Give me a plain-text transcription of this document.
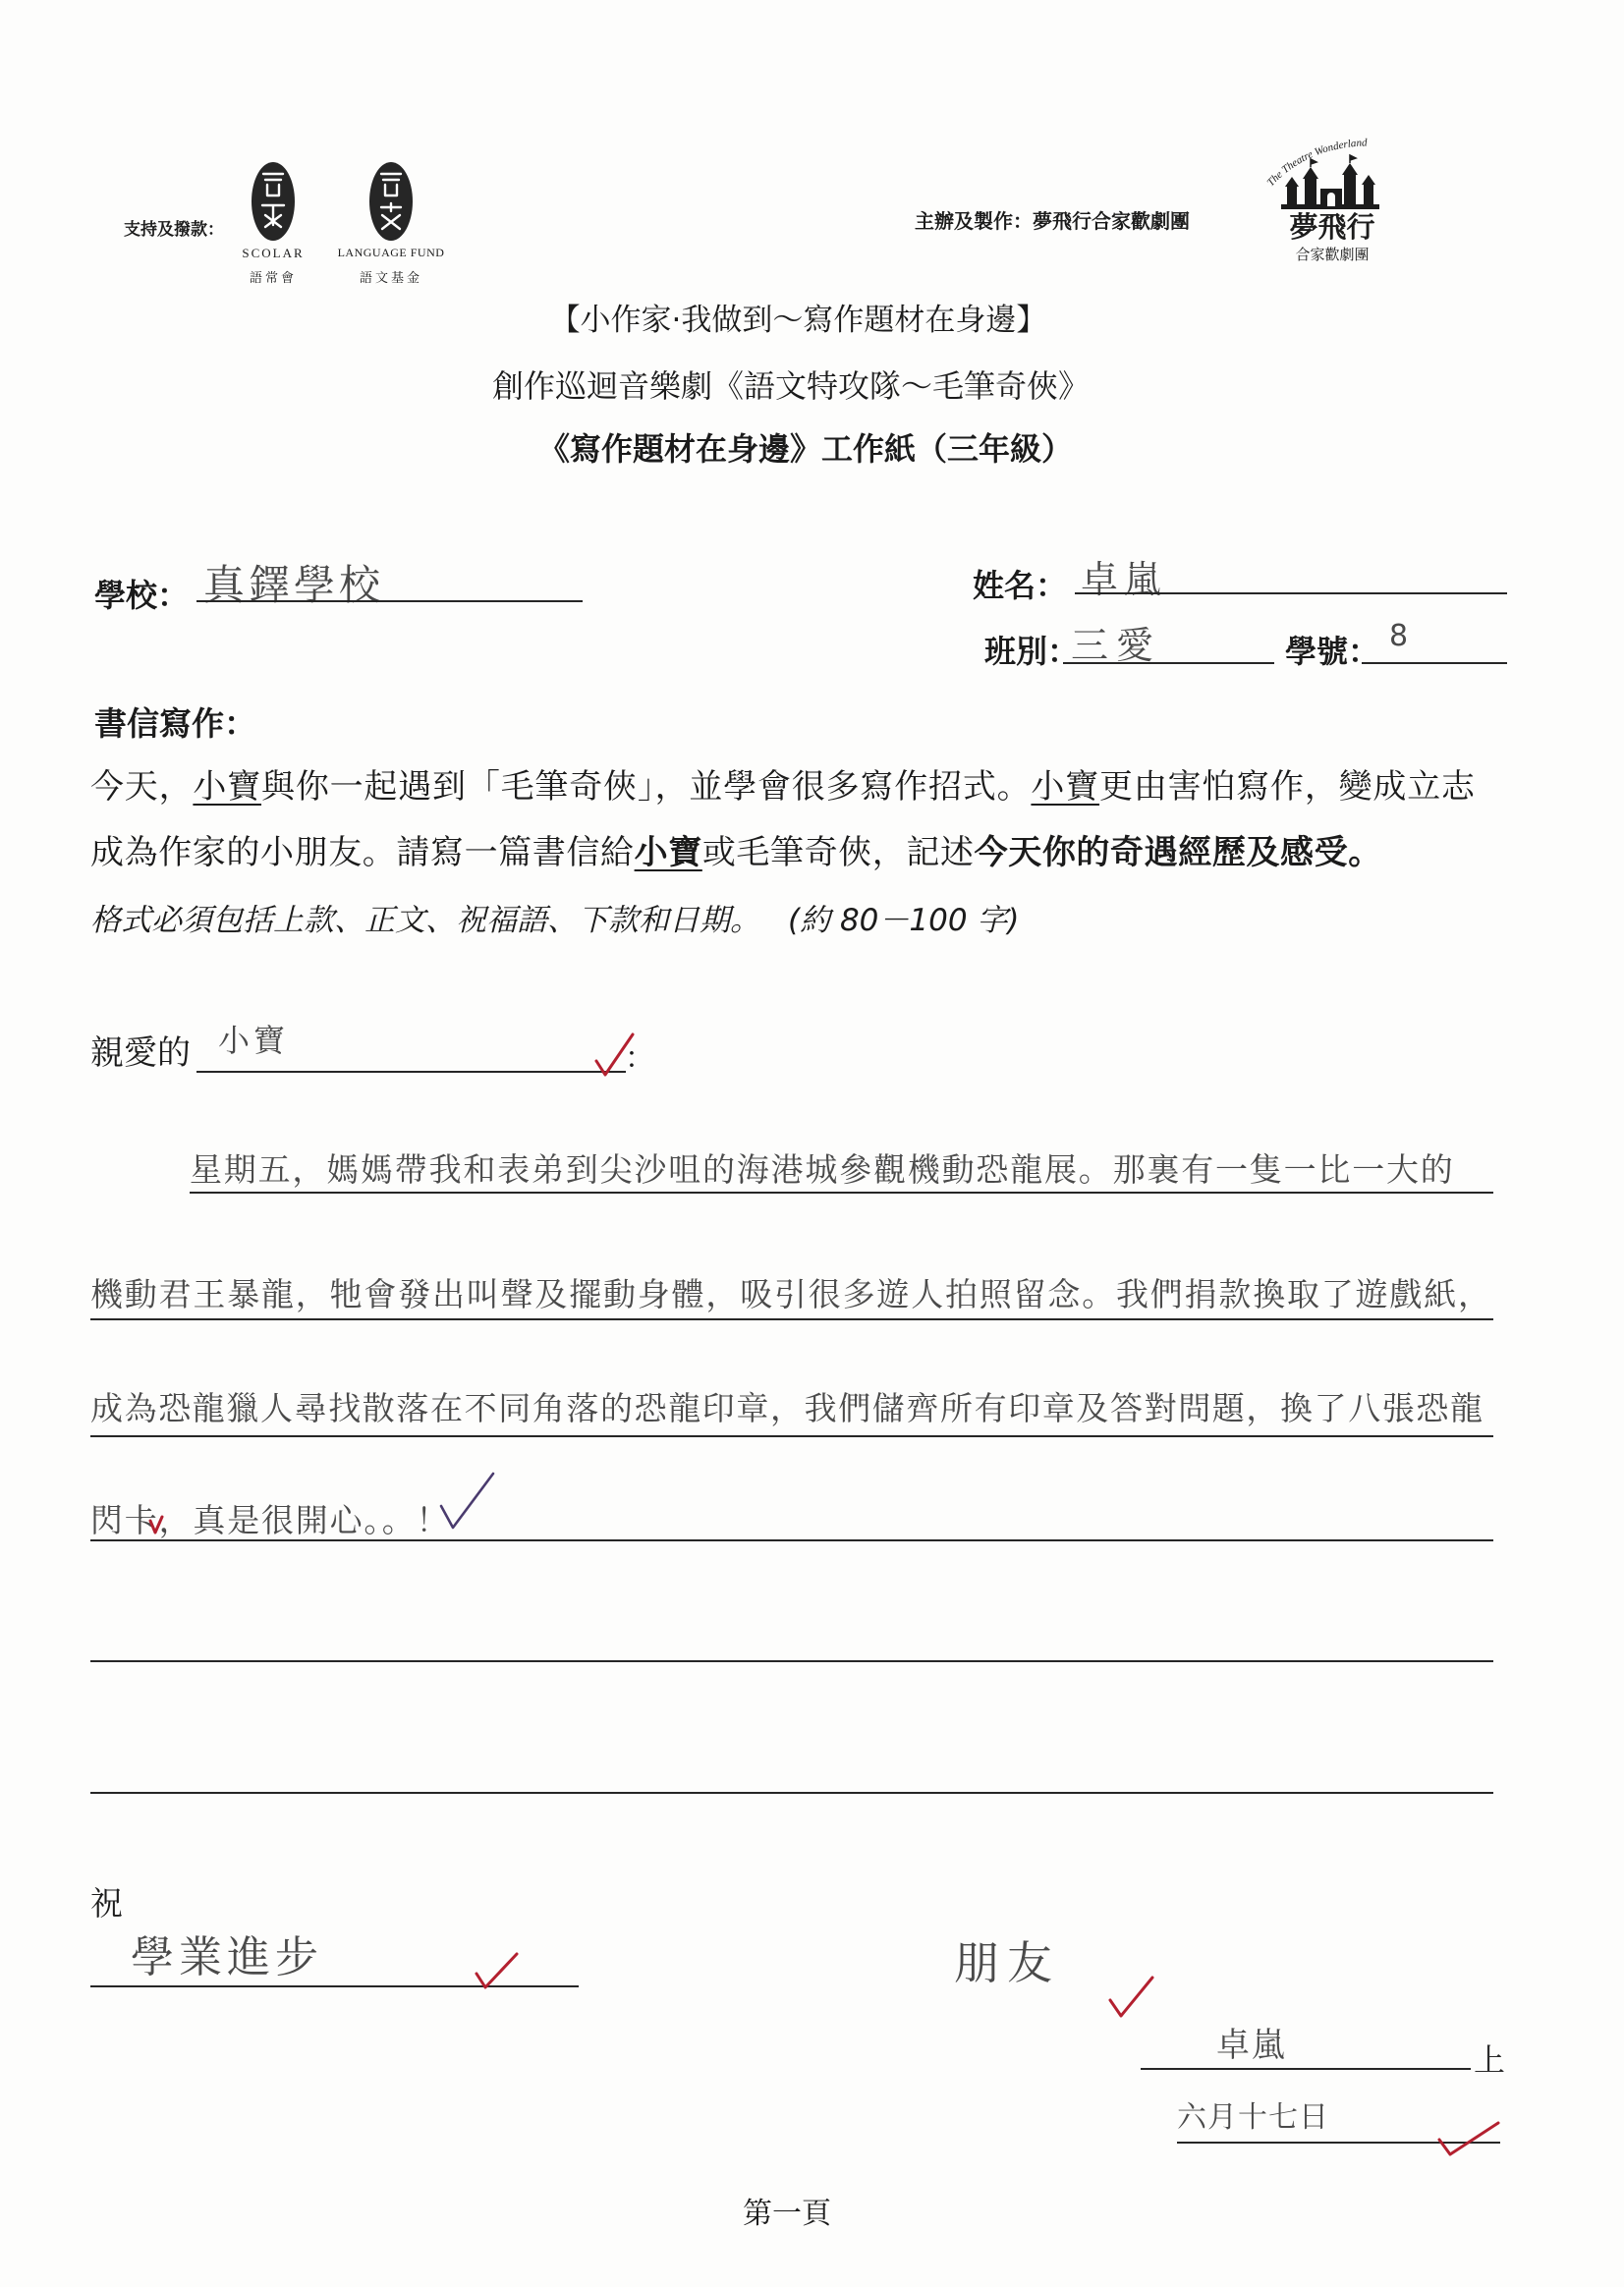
支持及撥款：
SCOLAR
語常會
LANGUAGE FUND
語文基金
主辦及製作：夢飛行合家歡劇團
The Theatre Wonderland
夢飛行
合家歡劇團
【小作家·我做到～寫作題材在身邊】
創作巡迴音樂劇《語文特攻隊～毛筆奇俠》
《寫作題材在身邊》工作紙（三年級）
學校： 真鐸學校	姓名： 卓嵐
班別：
三愛	學號： 8
書信寫作：
今天，小寶與你一起遇到「毛筆奇俠」，並學會很多寫作招式。小寶更由害怕寫作，變成立志
成為作家的小朋友。請寫一篇書信給小寶或毛筆奇俠，記述今天你的奇遇經歷及感受。
格式必須包括上款、正文、祝福語、下款和日期。 (約 80－100 字)
親愛的 小寶	：
星期五，媽媽帶我和表弟到尖沙咀的海港城參觀機動恐龍展。那裏有一隻一比一大的
機動君王暴龍，牠會發出叫聲及擺動身體，吸引很多遊人拍照留念。我們捐款換取了遊戲紙，
成為恐龍獵人尋找散落在不同角落的恐龍印章，我們儲齊所有印章及答對問題，換了八張恐龍
閃卡，真是很開心。。！
祝
學業進步	朋友
卓嵐	上
六月十七日
第一頁
